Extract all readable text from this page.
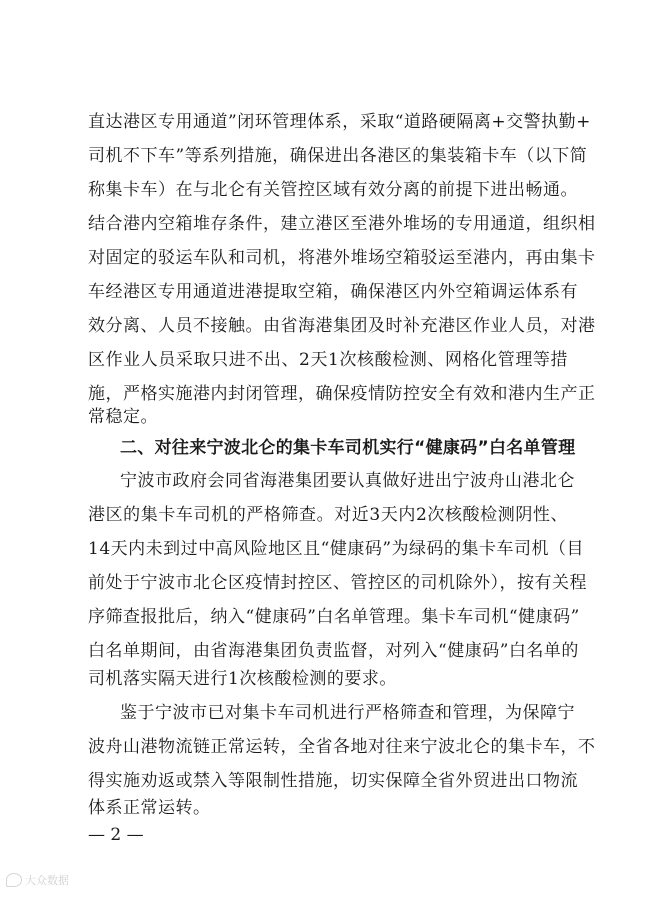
直达港区专用通道”闭环管理体系，采取“道路硬隔离+交警执勤+
司机不下车”等系列措施，确保进出各港区的集装箱卡车（以下简
称集卡车）在与北仑有关管控区域有效分离的前提下进出畅通。
结合港内空箱堆存条件，建立港区至港外堆场的专用通道，组织相
对固定的驳运车队和司机，将港外堆场空箱驳运至港内，再由集卡
车经港区专用通道进港提取空箱，确保港区内外空箱调运体系有
效分离、人员不接触。由省海港集团及时补充港区作业人员，对港
区作业人员采取只进不出、2天1次核酸检测、网格化管理等措
施，严格实施港内封闭管理，确保疫情防控安全有效和港内生产正
常稳定。
二、对往来宁波北仑的集卡车司机实行“健康码”白名单管理
宁波市政府会同省海港集团要认真做好进出宁波舟山港北仑
港区的集卡车司机的严格筛查。对近3天内2次核酸检测阴性、
14天内未到过中高风险地区且“健康码”为绿码的集卡车司机（目
前处于宁波市北仑区疫情封控区、管控区的司机除外），按有关程
序筛查报批后，纳入“健康码”白名单管理。集卡车司机“健康码”
白名单期间，由省海港集团负责监督，对列入“健康码”白名单的
司机落实隔天进行1次核酸检测的要求。
鉴于宁波市已对集卡车司机进行严格筛查和管理，为保障宁
波舟山港物流链正常运转，全省各地对往来宁波北仑的集卡车，不
得实施劝返或禁入等限制性措施，切实保障全省外贸进出口物流
体系正常运转。
— 2 —
大众数据
